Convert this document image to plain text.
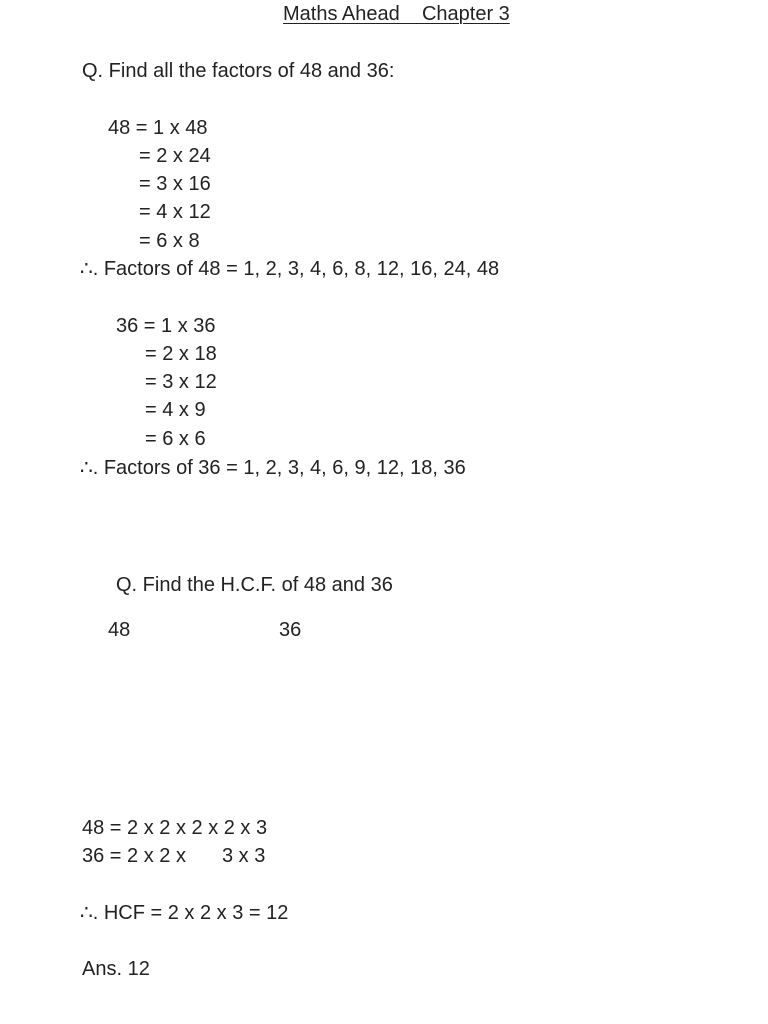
Maths Ahead    Chapter 3
Q. Find all the factors of 48 and 36:
48 = 1 x 48
= 2 x 24
= 3 x 16
= 4 x 12
= 6 x 8
∴. Factors of 48 = 1, 2, 3, 4, 6, 8, 12, 16, 24, 48
36 = 1 x 36
= 2 x 18
= 3 x 12
= 4 x 9
= 6 x 6
∴. Factors of 36 = 1, 2, 3, 4, 6, 9, 12, 18, 36
Q. Find the H.C.F. of 48 and 36
48	36
48 = 2 x 2 x 2 x 2 x 3
36 = 2 x 2 x 3 x 3
∴. HCF = 2 x 2 x 3 = 12
Ans. 12
